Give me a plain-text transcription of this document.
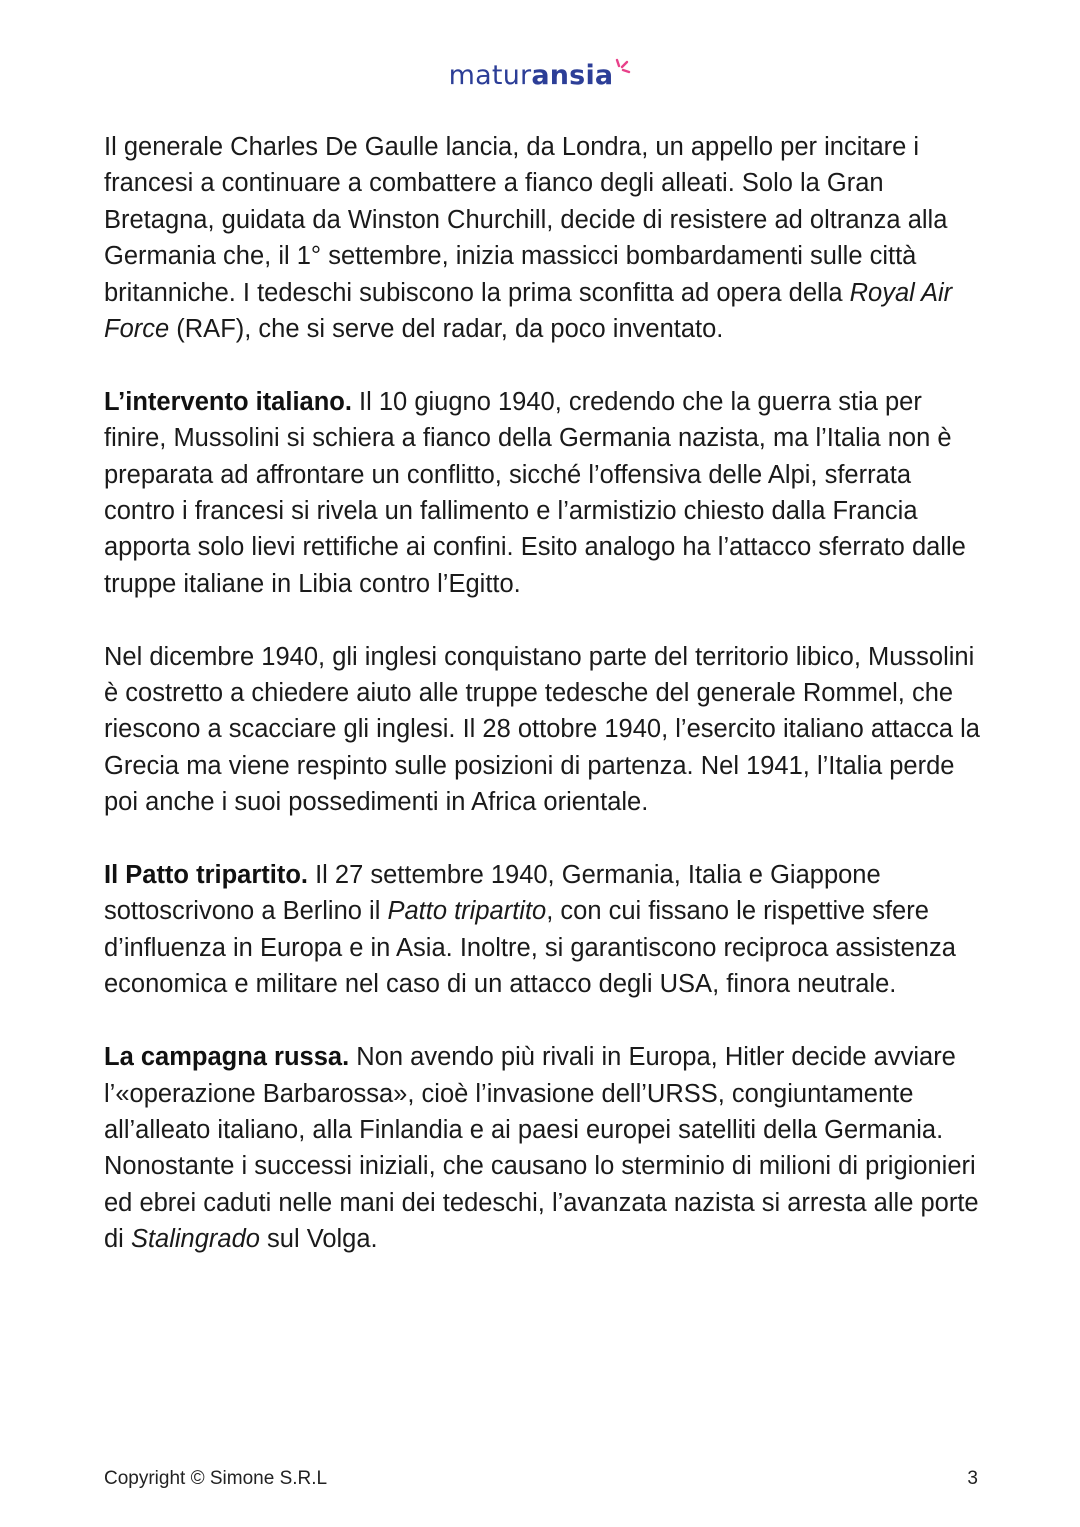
maturansia

Il generale Charles De Gaulle lancia, da Londra, un appello per incitare i francesi a continuare a combattere a fianco degli alleati. Solo la Gran Bretagna, guidata da Winston Churchill, decide di resistere ad oltranza alla Germania che, il 1° settembre, inizia massicci bombardamenti sulle città britanniche. I tedeschi subiscono la prima sconfitta ad opera della Royal Air Force (RAF), che si serve del radar, da poco inventato.

L’intervento italiano. Il 10 giugno 1940, credendo che la guerra stia per finire, Mussolini si schiera a fianco della Germania nazista, ma l’Italia non è preparata ad affrontare un conflitto, sicché l’offensiva delle Alpi, sferrata contro i francesi si rivela un fallimento e l’armistizio chiesto dalla Francia apporta solo lievi rettifiche ai confini. Esito analogo ha l’attacco sferrato dalle truppe italiane in Libia contro l’Egitto.

Nel dicembre 1940, gli inglesi conquistano parte del territorio libico, Mussolini è costretto a chiedere aiuto alle truppe tedesche del generale Rommel, che riescono a scacciare gli inglesi. Il 28 ottobre 1940, l’esercito italiano attacca la Grecia ma viene respinto sulle posizioni di partenza. Nel 1941, l’Italia perde poi anche i suoi possedimenti in Africa orientale.

Il Patto tripartito. Il 27 settembre 1940, Germania, Italia e Giappone sottoscrivono a Berlino il Patto tripartito, con cui fissano le rispettive sfere d’influenza in Europa e in Asia. Inoltre, si garantiscono reciproca assistenza economica e militare nel caso di un attacco degli USA, finora neutrale.

La campagna russa. Non avendo più rivali in Europa, Hitler decide avviare l’«operazione Barbarossa», cioè l’invasione dell’URSS, congiuntamente all’alleato italiano, alla Finlandia e ai paesi europei satelliti della Germania.

Nonostante i successi iniziali, che causano lo sterminio di milioni di prigionieri ed ebrei caduti nelle mani dei tedeschi, l’avanzata nazista si arresta alle porte di Stalingrado sul Volga.

Copyright © Simone S.R.L	3
